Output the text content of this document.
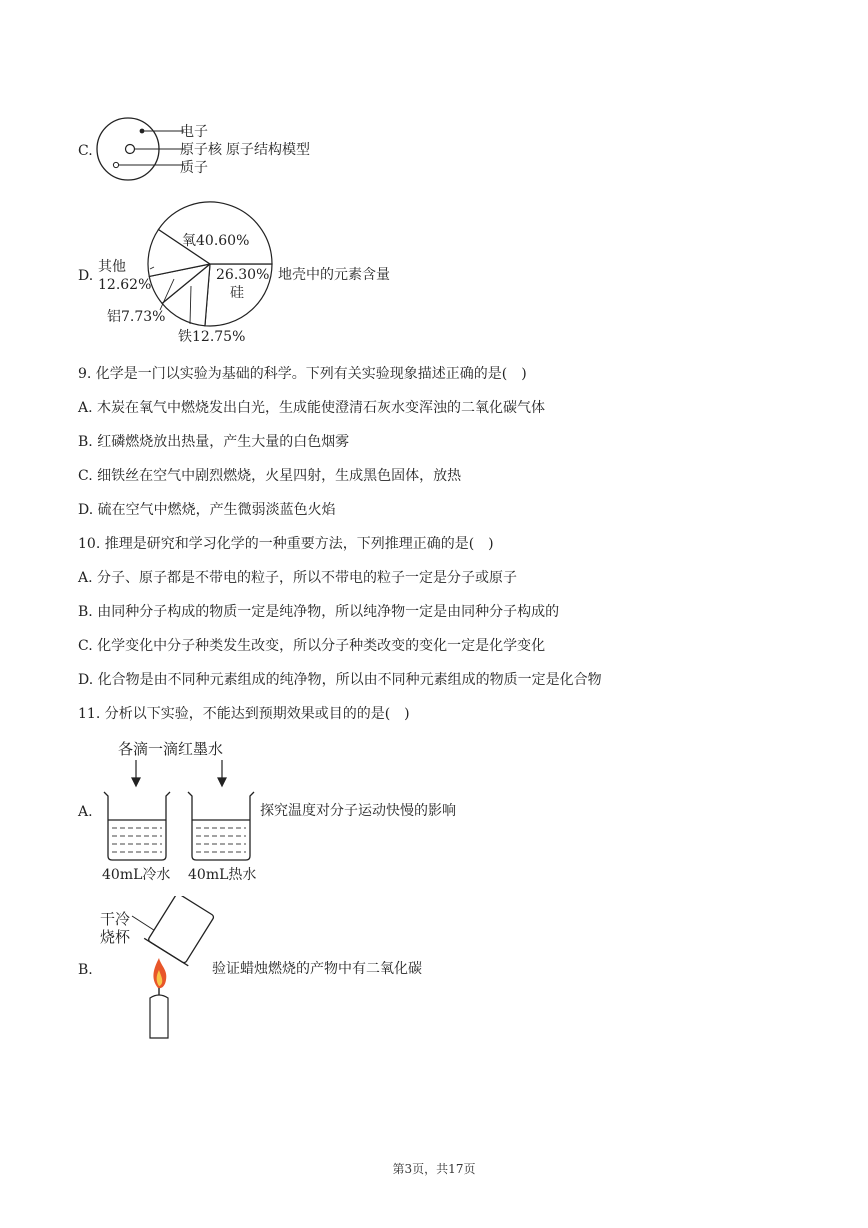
C.
电子
原子核 原子结构模型
质子
D.
氧40.60%
26.30%
硅
其他
12.62%
铝7.73%
铁12.75%
地壳中的元素含量
9. 化学是一门以实验为基础的科学。下列有关实验现象描述正确的是(　)
A. 木炭在氧气中燃烧发出白光，生成能使澄清石灰水变浑浊的二氧化碳气体
B. 红磷燃烧放出热量，产生大量的白色烟雾
C. 细铁丝在空气中剧烈燃烧，火星四射，生成黑色固体，放热
D. 硫在空气中燃烧，产生微弱淡蓝色火焰
10. 推理是研究和学习化学的一种重要方法，下列推理正确的是(　)
A. 分子、原子都是不带电的粒子，所以不带电的粒子一定是分子或原子
B. 由同种分子构成的物质一定是纯净物，所以纯净物一定是由同种分子构成的
C. 化学变化中分子种类发生改变，所以分子种类改变的变化一定是化学变化
D. 化合物是由不同种元素组成的纯净物，所以由不同种元素组成的物质一定是化合物
11. 分析以下实验，不能达到预期效果或目的的是(　)
各滴一滴红墨水
A.	探究温度对分子运动快慢的影响
40mL冷水 40mL热水
干冷
烧杯
B.	验证蜡烛燃烧的产物中有二氧化碳
第3页，共17页
